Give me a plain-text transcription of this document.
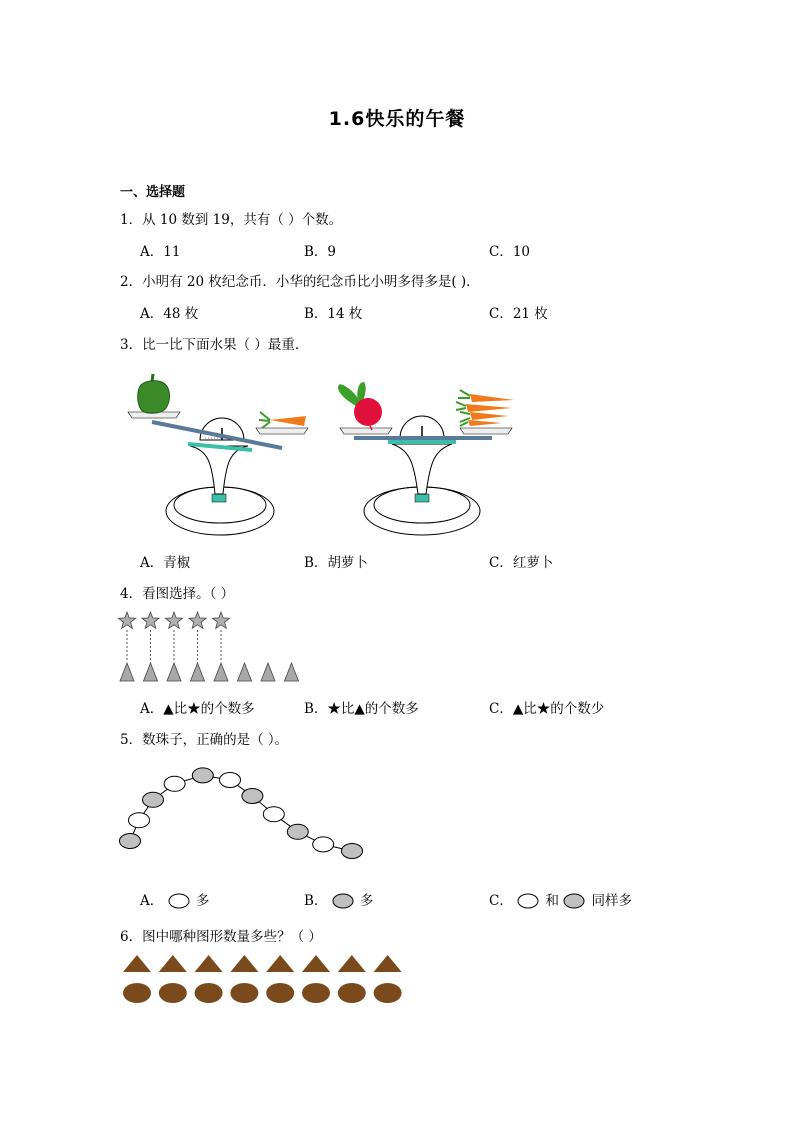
1.6快乐的午餐
一、选择题
1．从 10 数到 19，共有（ ）个数。
A．11	B．9	C．10
2．小明有 20 枚纪念币．小华的纪念币比小明多得多是( )．
A．48 枚	B．14 枚	C．21 枚
3．比一比下面水果（ ）最重．
A．青椒	B．胡萝卜	C．红萝卜
4．看图选择。（ ）
A．▲比★的个数多	B．★比▲的个数多	C．▲比★的个数少
5．数珠子，正确的是（ ）。
A． 多	B． 多	C． 和 同样多
6．图中哪种图形数量多些？（ ）
